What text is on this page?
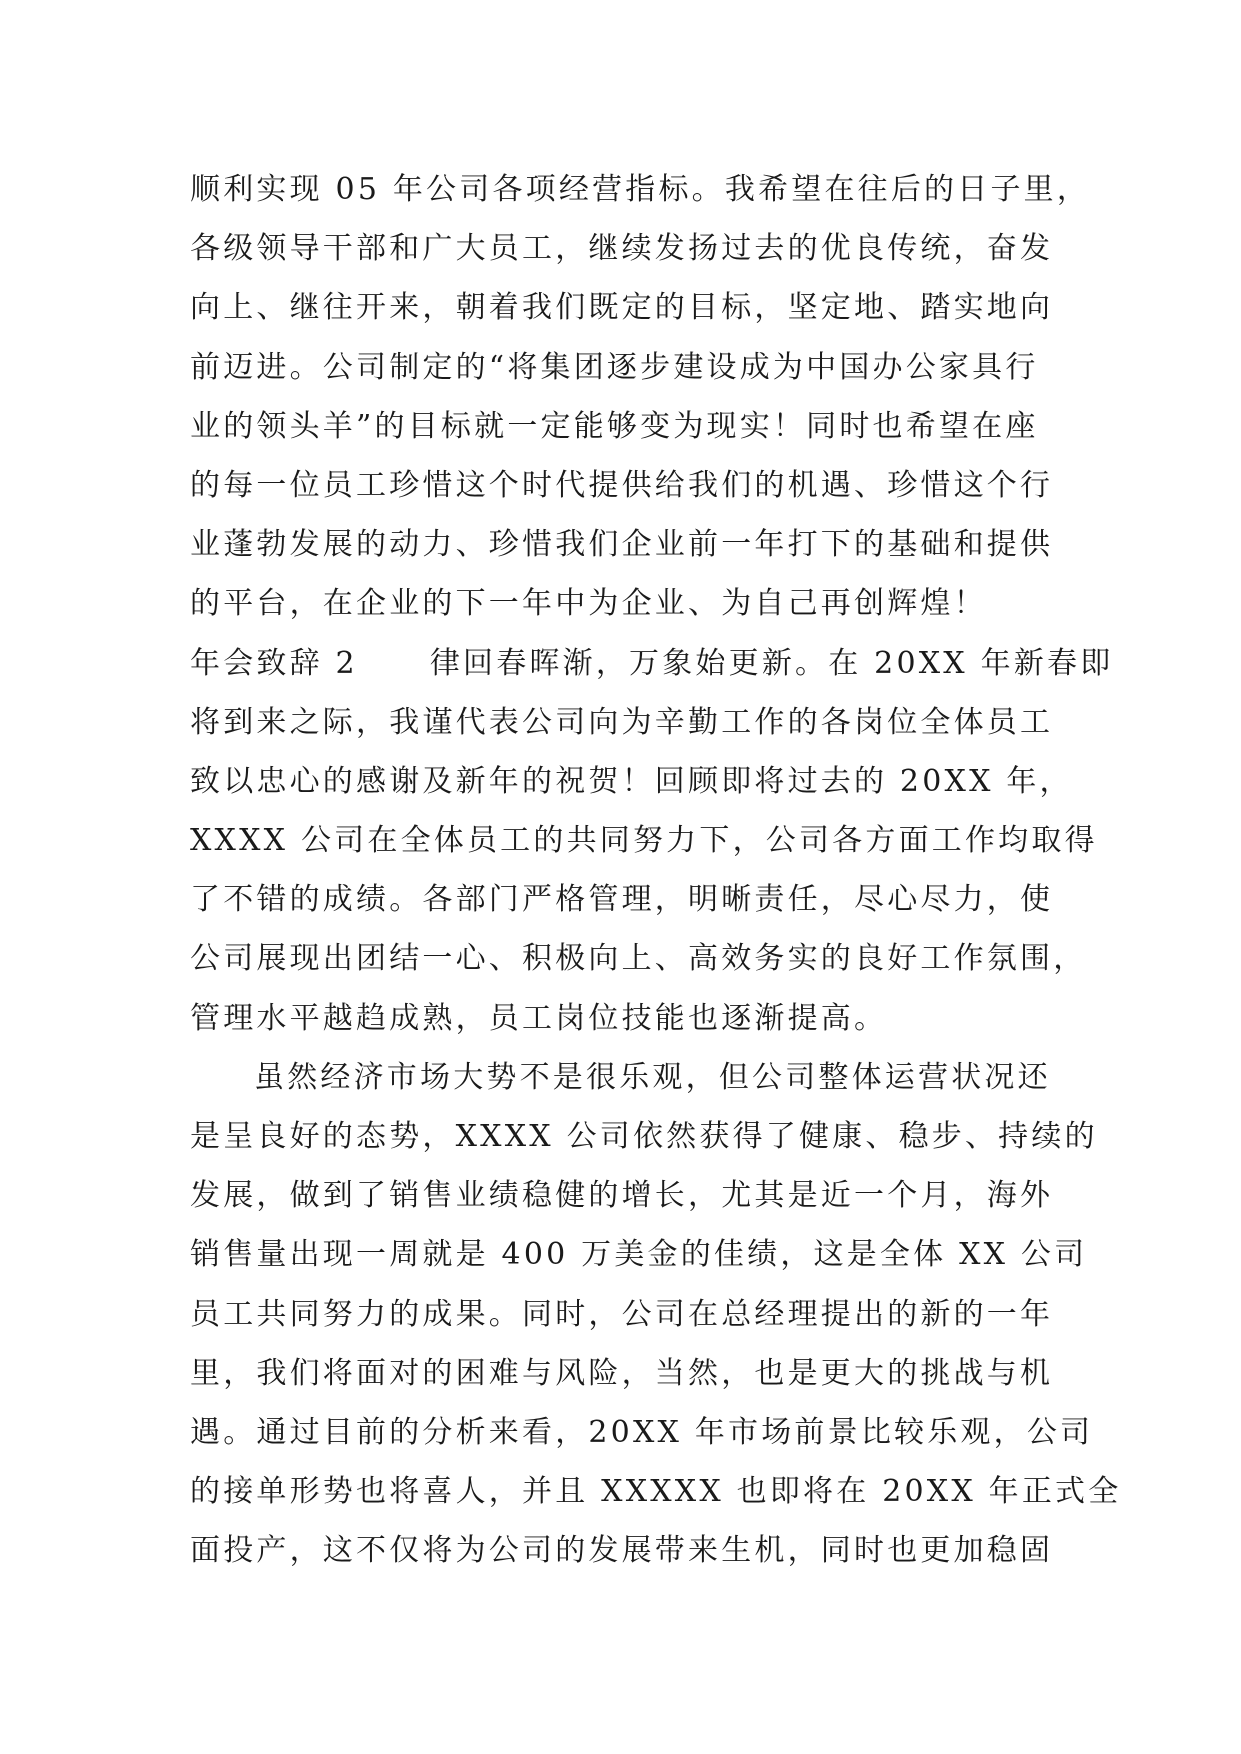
顺利实现 05 年公司各项经营指标。我希望在往后的日子里，
各级领导干部和广大员工，继续发扬过去的优良传统，奋发
向上、继往开来，朝着我们既定的目标，坚定地、踏实地向
前迈进。公司制定的“将集团逐步建设成为中国办公家具行
业的领头羊”的目标就一定能够变为现实！同时也希望在座
的每一位员工珍惜这个时代提供给我们的机遇、珍惜这个行
业蓬勃发展的动力、珍惜我们企业前一年打下的基础和提供
的平台，在企业的下一年中为企业、为自己再创辉煌！
年会致辞 2 律回春晖渐，万象始更新。在 20XX 年新春即
将到来之际，我谨代表公司向为辛勤工作的各岗位全体员工
致以忠心的感谢及新年的祝贺！回顾即将过去的 20XX 年，
XXXX 公司在全体员工的共同努力下，公司各方面工作均取得
了不错的成绩。各部门严格管理，明晰责任，尽心尽力，使
公司展现出团结一心、积极向上、高效务实的良好工作氛围，
管理水平越趋成熟，员工岗位技能也逐渐提高。
虽然经济市场大势不是很乐观，但公司整体运营状况还
是呈良好的态势，XXXX 公司依然获得了健康、稳步、持续的
发展，做到了销售业绩稳健的增长，尤其是近一个月，海外
销售量出现一周就是 400 万美金的佳绩，这是全体 XX 公司
员工共同努力的成果。同时，公司在总经理提出的新的一年
里，我们将面对的困难与风险，当然，也是更大的挑战与机
遇。通过目前的分析来看，20XX 年市场前景比较乐观，公司
的接单形势也将喜人，并且 XXXXX 也即将在 20XX 年正式全
面投产，这不仅将为公司的发展带来生机，同时也更加稳固
